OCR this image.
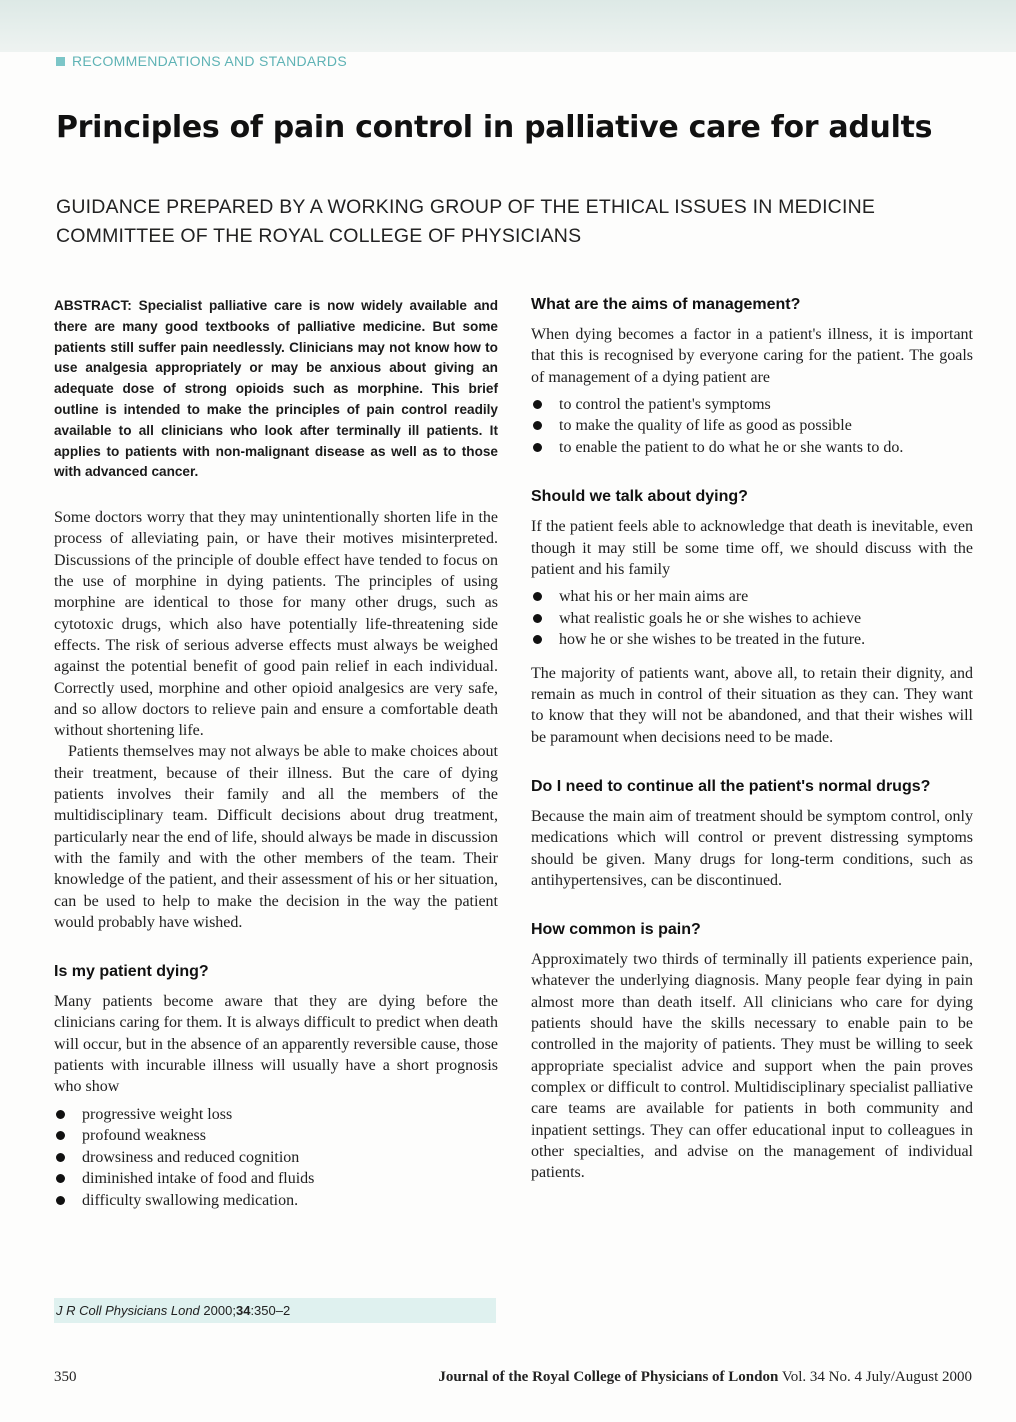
RECOMMENDATIONS AND STANDARDS
Principles of pain control in palliative care for adults
GUIDANCE PREPARED BY A WORKING GROUP OF THE ETHICAL ISSUES IN MEDICINE COMMITTEE OF THE ROYAL COLLEGE OF PHYSICIANS

ABSTRACT: Specialist palliative care is now widely available and there are many good textbooks of palliative medicine. But some patients still suffer pain needlessly. Clinicians may not know how to use analgesia appropriately or may be anxious about giving an adequate dose of strong opioids such as morphine. This brief outline is intended to make the principles of pain control readily available to all clinicians who look after terminally ill patients. It applies to patients with non-malignant disease as well as to those with advanced cancer.

Some doctors worry that they may unintentionally shorten life in the process of alleviating pain, or have their motives misinterpreted. Discussions of the principle of double effect have tended to focus on the use of morphine in dying patients. The principles of using morphine are identical to those for many other drugs, such as cytotoxic drugs, which also have potentially life-threatening side effects. The risk of serious adverse effects must always be weighed against the potential benefit of good pain relief in each individual. Correctly used, morphine and other opioid analgesics are very safe, and so allow doctors to relieve pain and ensure a comfortable death without shortening life.

Patients themselves may not always be able to make choices about their treatment, because of their illness. But the care of dying patients involves their family and all the members of the multidisciplinary team. Difficult decisions about drug treatment, particularly near the end of life, should always be made in discussion with the family and with the other members of the team. Their knowledge of the patient, and their assessment of his or her situation, can be used to help to make the decision in the way the patient would probably have wished.

Is my patient dying?

Many patients become aware that they are dying before the clinicians caring for them. It is always difficult to predict when death will occur, but in the absence of an apparently reversible cause, those patients with incurable illness will usually have a short prognosis who show

progressive weight loss
profound weakness
drowsiness and reduced cognition
diminished intake of food and fluids
difficulty swallowing medication.
J R Coll Physicians Lond 2000;34:350–2
What are the aims of management?

When dying becomes a factor in a patient's illness, it is important that this is recognised by everyone caring for the patient. The goals of management of a dying patient are

to control the patient's symptoms
to make the quality of life as good as possible
to enable the patient to do what he or she wants to do.
Should we talk about dying?

If the patient feels able to acknowledge that death is inevitable, even though it may still be some time off, we should discuss with the patient and his family

what his or her main aims are
what realistic goals he or she wishes to achieve
how he or she wishes to be treated in the future.

The majority of patients want, above all, to retain their dignity, and remain as much in control of their situation as they can. They want to know that they will not be abandoned, and that their wishes will be paramount when decisions need to be made.

Do I need to continue all the patient's normal drugs?

Because the main aim of treatment should be symptom control, only medications which will control or prevent distressing symptoms should be given. Many drugs for long-term conditions, such as antihypertensives, can be discontinued.

How common is pain?

Approximately two thirds of terminally ill patients experience pain, whatever the underlying diagnosis. Many people fear dying in pain almost more than death itself. All clinicians who care for dying patients should have the skills necessary to enable pain to be controlled in the majority of patients. They must be willing to seek appropriate specialist advice and support when the pain proves complex or difficult to control. Multidisciplinary specialist palliative care teams are available for patients in both community and inpatient settings. They can offer educational input to colleagues in other specialties, and advise on the management of individual patients.

350	Journal of the Royal College of Physicians of London Vol. 34 No. 4 July/August 2000
